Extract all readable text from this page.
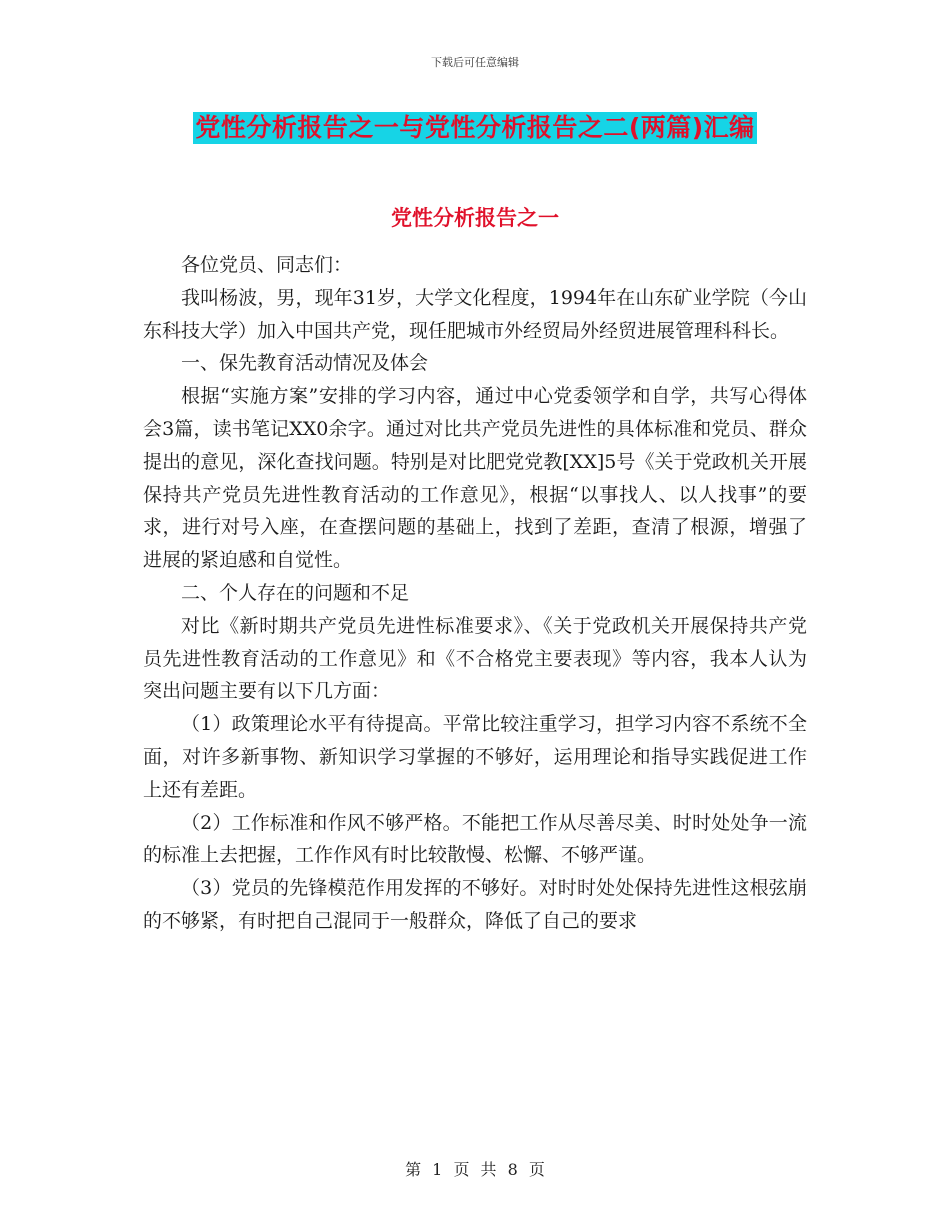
下载后可任意编辑
党性分析报告之一与党性分析报告之二(两篇)汇编
党性分析报告之一

各位党员、同志们：

我叫杨波，男，现年31岁，大学文化程度，1994年在山东矿业学院（今山东科技大学）加入中国共产党，现任肥城市外经贸局外经贸进展管理科科长。

一、保先教育活动情况及体会

根据“实施方案”安排的学习内容，通过中心党委领学和自学，共写心得体会3篇，读书笔记XX0余字。通过对比共产党员先进性的具体标准和党员、群众提出的意见，深化查找问题。特别是对比肥党党教[XX]5号《关于党政机关开展保持共产党员先进性教育活动的工作意见》，根据“以事找人、以人找事”的要求，进行对号入座，在查摆问题的基础上，找到了差距，查清了根源，增强了进展的紧迫感和自觉性。

二、个人存在的问题和不足

对比《新时期共产党员先进性标准要求》、《关于党政机关开展保持共产党员先进性教育活动的工作意见》和《不合格党主要表现》等内容，我本人认为突出问题主要有以下几方面：

（1）政策理论水平有待提高。平常比较注重学习，担学习内容不系统不全面，对许多新事物、新知识学习掌握的不够好，运用理论和指导实践促进工作上还有差距。

（2）工作标准和作风不够严格。不能把工作从尽善尽美、时时处处争一流的标准上去把握，工作作风有时比较散慢、松懈、不够严谨。

（3）党员的先锋模范作用发挥的不够好。对时时处处保持先进性这根弦崩的不够紧，有时把自己混同于一般群众，降低了自己的要求

第 1 页 共 8 页
